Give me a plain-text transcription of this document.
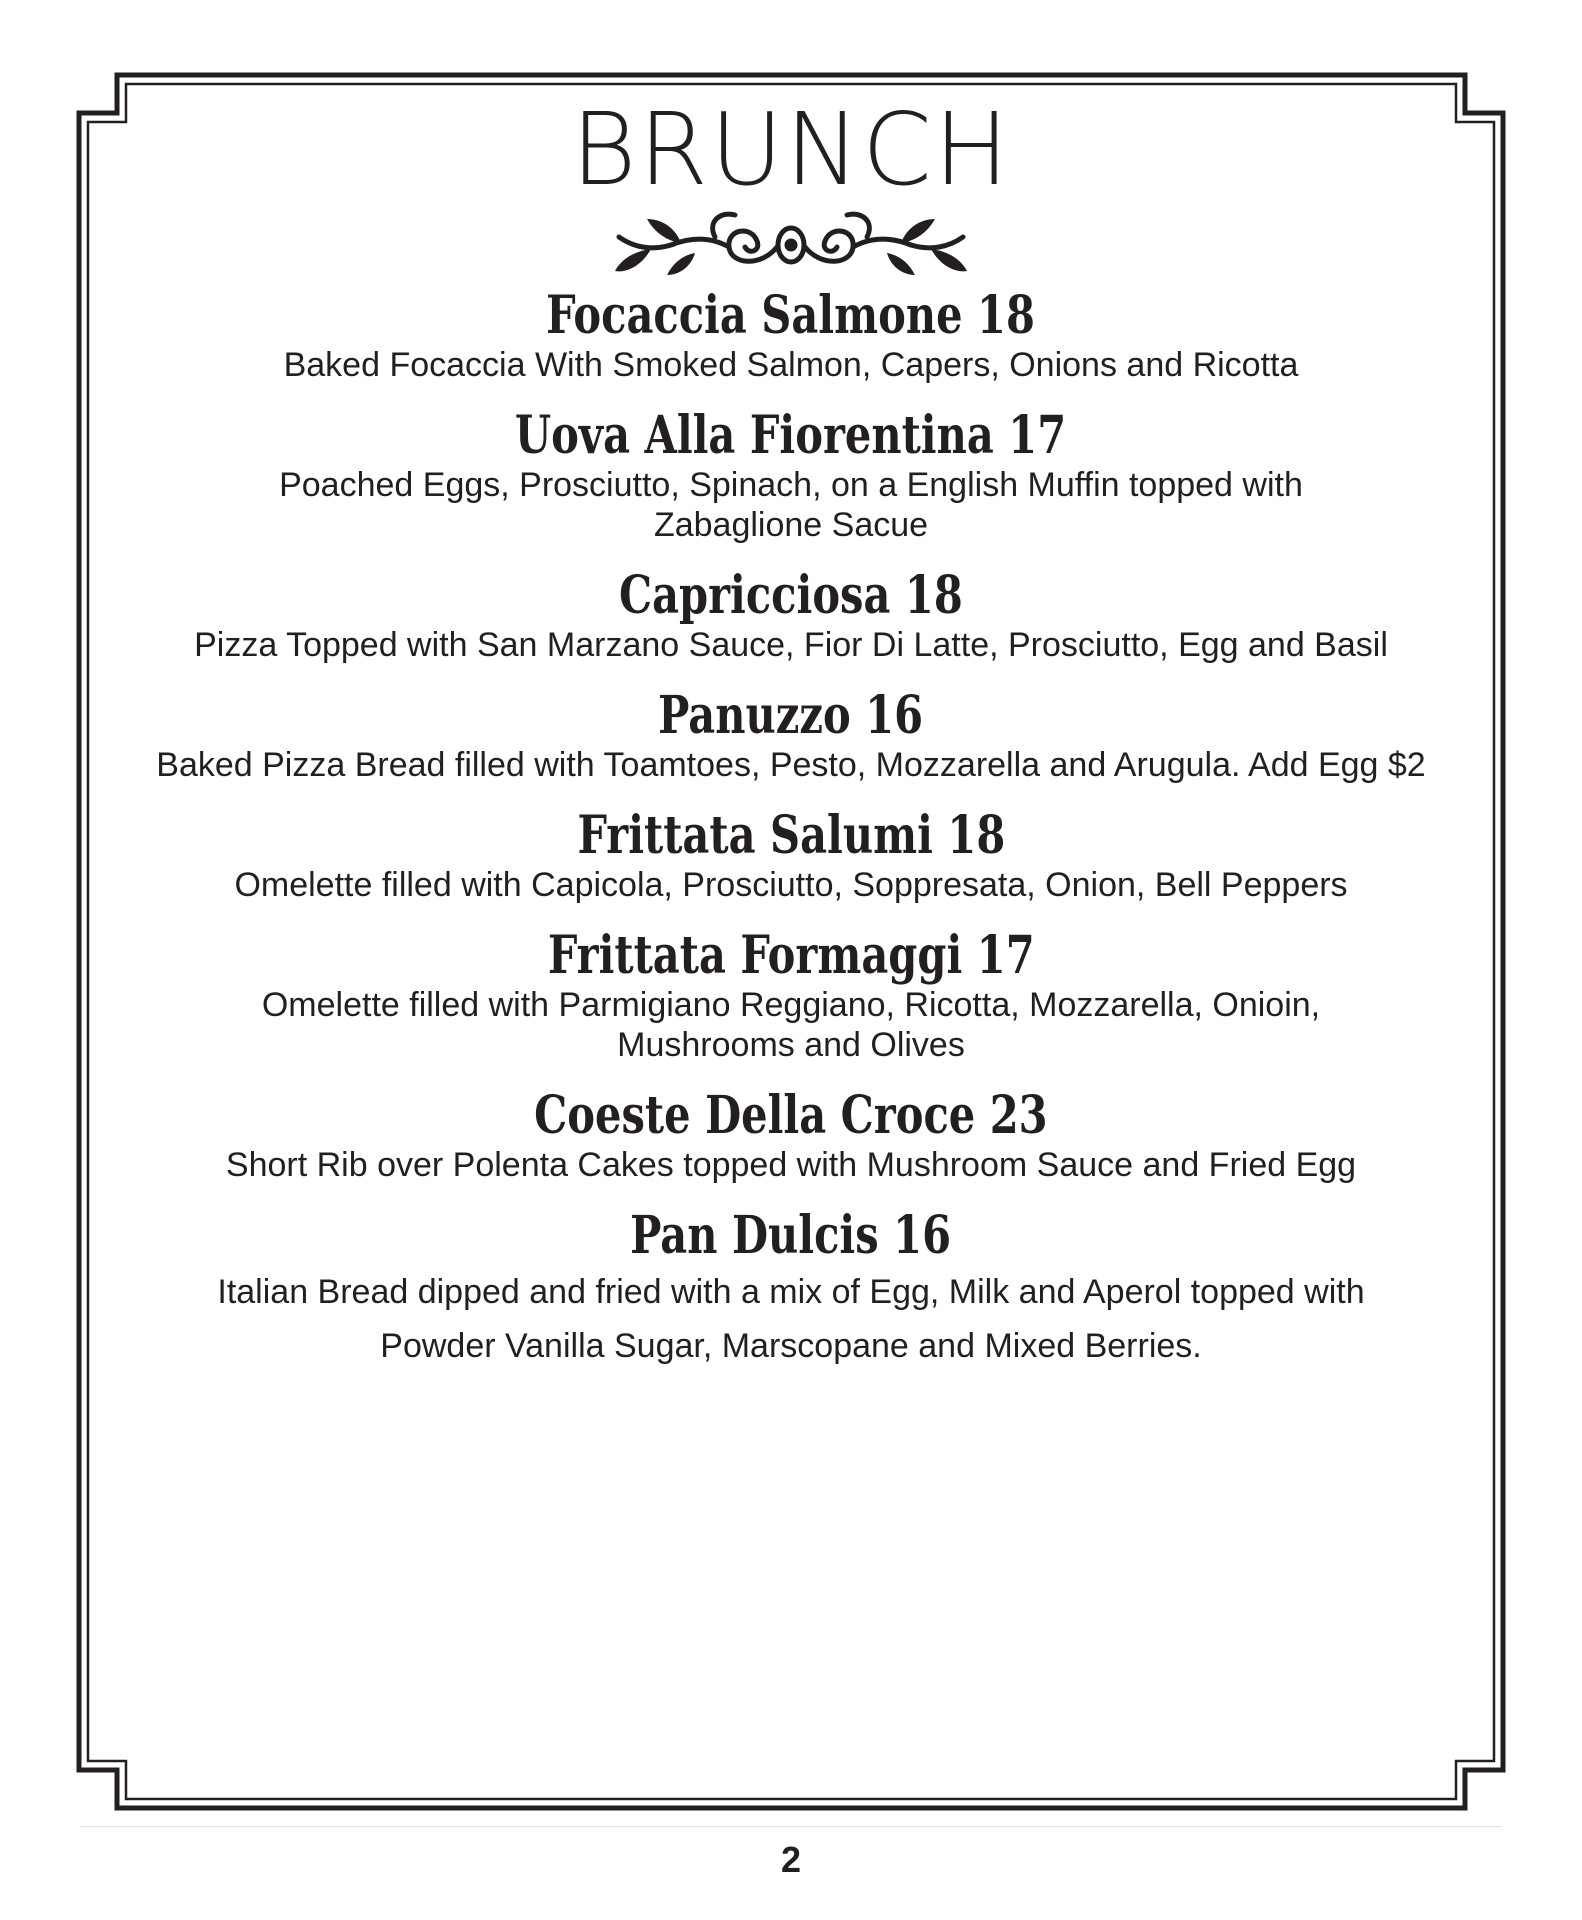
BRUNCH
Focaccia Salmone 18
Baked Focaccia With Smoked Salmon, Capers, Onions and Ricotta
Uova Alla Fiorentina 17
Poached Eggs, Prosciutto, Spinach, on a English Muffin topped with Zabaglione Sacue
Capricciosa 18
Pizza Topped with San Marzano Sauce, Fior Di Latte, Prosciutto, Egg and Basil
Panuzzo 16
Baked Pizza Bread filled with Toamtoes, Pesto, Mozzarella and Arugula. Add Egg $2
Frittata Salumi 18
Omelette filled with Capicola, Prosciutto, Soppresata, Onion, Bell Peppers
Frittata Formaggi 17
Omelette filled with Parmigiano Reggiano, Ricotta, Mozzarella, Onioin, Mushrooms and Olives
Coeste Della Croce 23
Short Rib over Polenta Cakes topped with Mushroom Sauce and Fried Egg
Pan Dulcis 16
Italian Bread dipped and fried with a mix of Egg, Milk and Aperol topped with Powder Vanilla Sugar, Marscopane and Mixed Berries.
2
